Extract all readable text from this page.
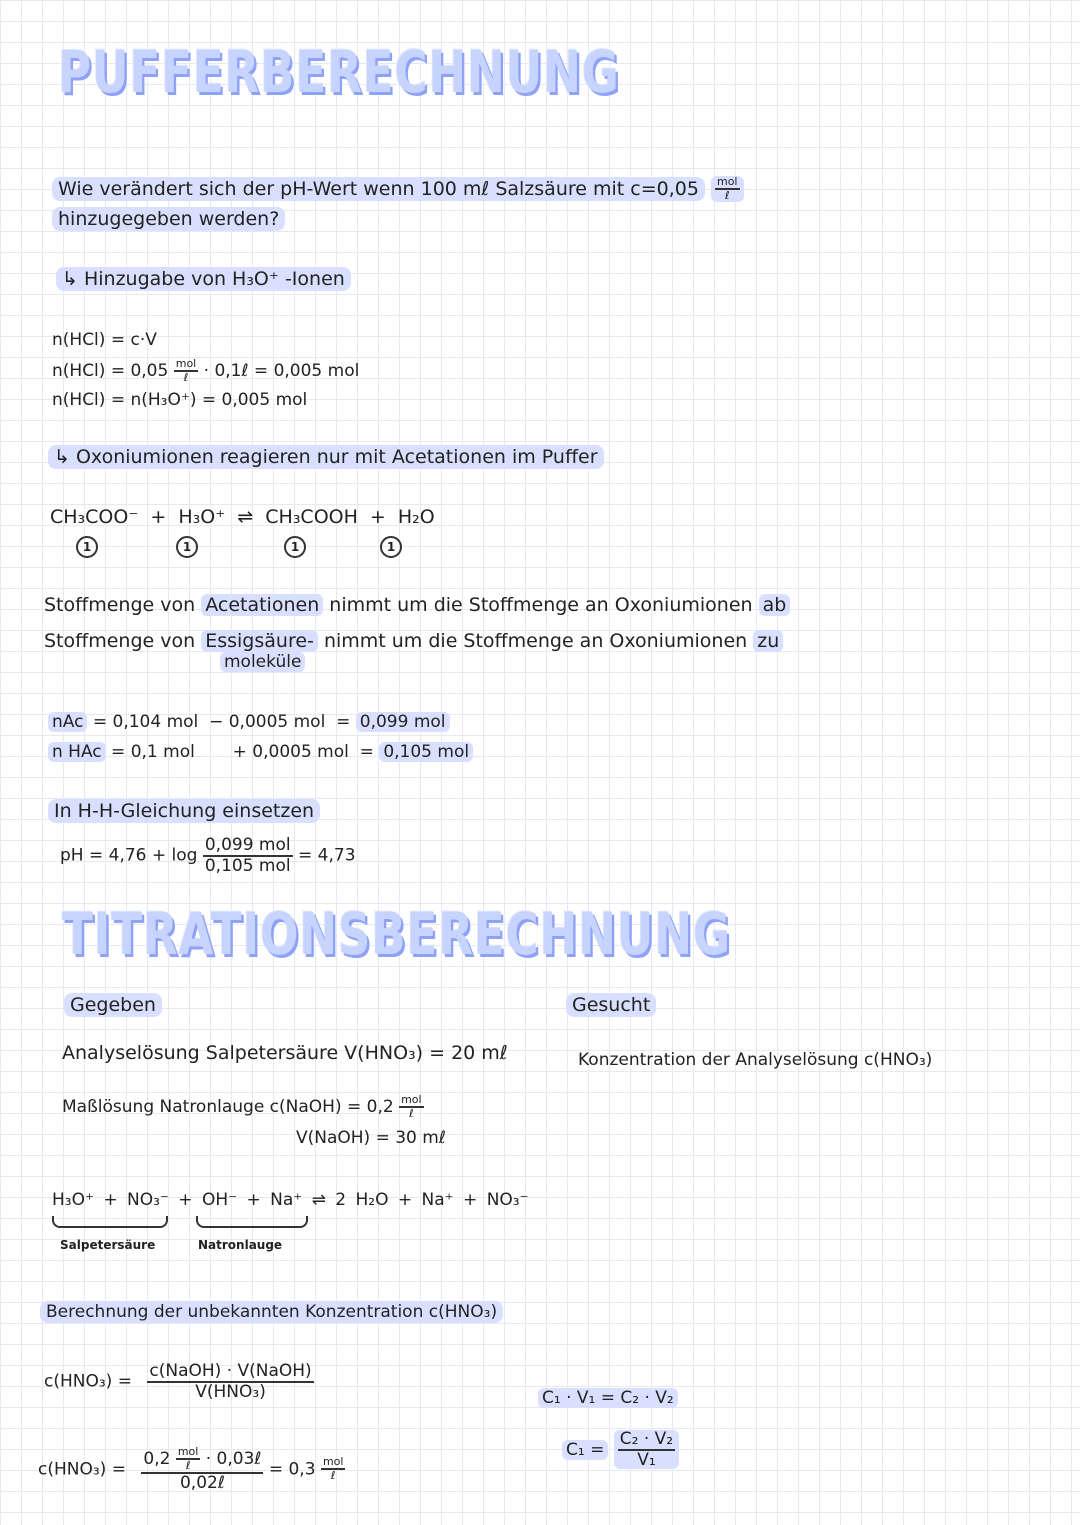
PUFFERBERECHNUNG
Wie verändert sich der pH-Wert wenn 100 mℓ Salzsäure mit $c=0,05 \frac{\text{mol}}{\text{ℓ}}$
hinzugegeben werden?
↳ Hinzugabe von H₃O⁺ -Ionen
n(HCl) = c·V
$n(HCl) = 0,05 \frac{\text{mol}}{\text{ℓ}}$ · 0,1ℓ = 0,005 mol
n(HCl) = n(H₃O⁺) = 0,005 mol
↳ Oxoniumionen reagieren nur mit Acetationen im Puffer
CH₃COO⁻ + H₃O⁺ ⇌ CH₃COOH + H₂O
1	1	1	1
Stoffmenge von Acetationen nimmt um die Stoffmenge an Oxoniumionen ab
Stoffmenge von Essigsäure- nimmt um die Stoffmenge an Oxoniumionen zu
moleküle
nAc = 0,104 mol  − 0,0005 mol  = 0,099 mol
n HAc = 0,1 mol       + 0,0005 mol  = 0,105 mol
In H-H-Gleichung einsetzen
pH = $4,76 + \log \frac{\text{0,099 mol}}{\text{0,105 mol}} = 4,73$
TITRATIONSBERECHNUNG
Gegeben	Gesucht
Analyselösung Salpetersäure V(HNO₃) = 20 mℓ	Konzentration der Analyselösung c(HNO₃)
Maßlösung Natronlauge c(NaOH) = $0,2 \frac{\text{mol}}{\text{ℓ}}$
V(NaOH) = 30 mℓ
H₃O⁺ + NO₃⁻ + OH⁻ + Na⁺ ⇌ 2 H₂O + Na⁺ + NO₃⁻
Salpetersäure	Natronlauge
Berechnung der unbekannten Konzentration c(HNO₃)
$c(HNO_3) = \frac{\text{c(NaOH) · V(NaOH)}}{\text{V(HNO₃)}}$	C₁ · V₁ = C₂ · V₂
$C_1 = \frac{\text{C₂ · V₂}}{\text{V₁}}$
$c(HNO_3) = \frac{0,2 \frac{\text{mol}}{\text{ℓ}} \cdot 0,03\ell}{\text{0,02ℓ}} = 0,3 \frac{\text{mol}}{\text{ℓ}}$
